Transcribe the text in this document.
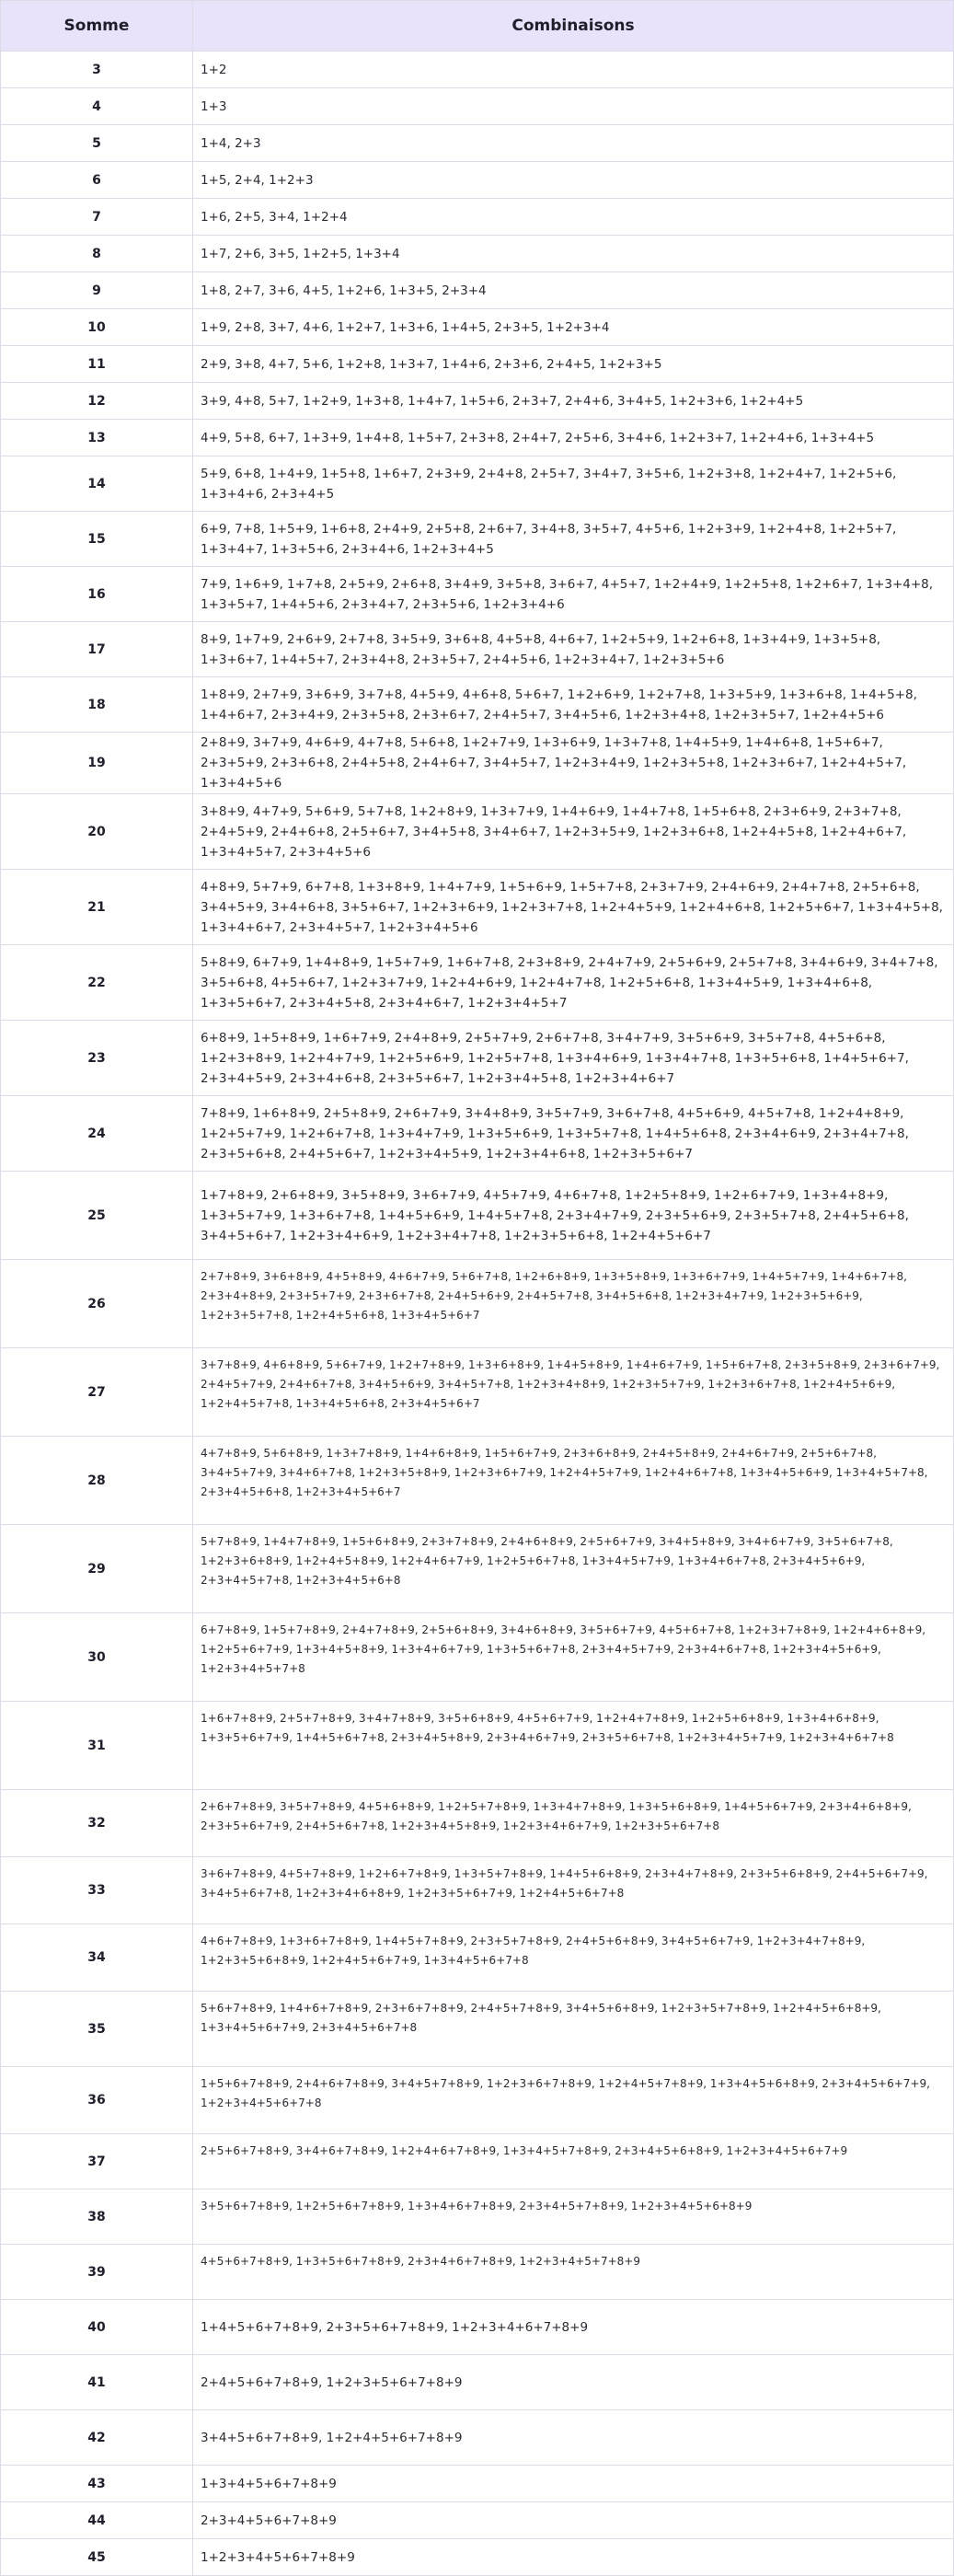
Somme	Combinaisons
3	1+2
4	1+3
5	1+4, 2+3
6	1+5, 2+4, 1+2+3
7	1+6, 2+5, 3+4, 1+2+4
8	1+7, 2+6, 3+5, 1+2+5, 1+3+4
9	1+8, 2+7, 3+6, 4+5, 1+2+6, 1+3+5, 2+3+4
10	1+9, 2+8, 3+7, 4+6, 1+2+7, 1+3+6, 1+4+5, 2+3+5, 1+2+3+4
11	2+9, 3+8, 4+7, 5+6, 1+2+8, 1+3+7, 1+4+6, 2+3+6, 2+4+5, 1+2+3+5
12	3+9, 4+8, 5+7, 1+2+9, 1+3+8, 1+4+7, 1+5+6, 2+3+7, 2+4+6, 3+4+5, 1+2+3+6, 1+2+4+5
13	4+9, 5+8, 6+7, 1+3+9, 1+4+8, 1+5+7, 2+3+8, 2+4+7, 2+5+6, 3+4+6, 1+2+3+7, 1+2+4+6, 1+3+4+5
14	5+9, 6+8, 1+4+9, 1+5+8, 1+6+7, 2+3+9, 2+4+8, 2+5+7, 3+4+7, 3+5+6, 1+2+3+8, 1+2+4+7, 1+2+5+6, 1+3+4+6, 2+3+4+5
15	6+9, 7+8, 1+5+9, 1+6+8, 2+4+9, 2+5+8, 2+6+7, 3+4+8, 3+5+7, 4+5+6, 1+2+3+9, 1+2+4+8, 1+2+5+7, 1+3+4+7, 1+3+5+6, 2+3+4+6, 1+2+3+4+5
16	7+9, 1+6+9, 1+7+8, 2+5+9, 2+6+8, 3+4+9, 3+5+8, 3+6+7, 4+5+7, 1+2+4+9, 1+2+5+8, 1+2+6+7, 1+3+4+8, 1+3+5+7, 1+4+5+6, 2+3+4+7, 2+3+5+6, 1+2+3+4+6
17	8+9, 1+7+9, 2+6+9, 2+7+8, 3+5+9, 3+6+8, 4+5+8, 4+6+7, 1+2+5+9, 1+2+6+8, 1+3+4+9, 1+3+5+8, 1+3+6+7, 1+4+5+7, 2+3+4+8, 2+3+5+7, 2+4+5+6, 1+2+3+4+7, 1+2+3+5+6
18	1+8+9, 2+7+9, 3+6+9, 3+7+8, 4+5+9, 4+6+8, 5+6+7, 1+2+6+9, 1+2+7+8, 1+3+5+9, 1+3+6+8, 1+4+5+8, 1+4+6+7, 2+3+4+9, 2+3+5+8, 2+3+6+7, 2+4+5+7, 3+4+5+6, 1+2+3+4+8, 1+2+3+5+7, 1+2+4+5+6
19	2+8+9, 3+7+9, 4+6+9, 4+7+8, 5+6+8, 1+2+7+9, 1+3+6+9, 1+3+7+8, 1+4+5+9, 1+4+6+8, 1+5+6+7, 2+3+5+9, 2+3+6+8, 2+4+5+8, 2+4+6+7, 3+4+5+7, 1+2+3+4+9, 1+2+3+5+8, 1+2+3+6+7, 1+2+4+5+7, 1+3+4+5+6
20	3+8+9, 4+7+9, 5+6+9, 5+7+8, 1+2+8+9, 1+3+7+9, 1+4+6+9, 1+4+7+8, 1+5+6+8, 2+3+6+9, 2+3+7+8, 2+4+5+9, 2+4+6+8, 2+5+6+7, 3+4+5+8, 3+4+6+7, 1+2+3+5+9, 1+2+3+6+8, 1+2+4+5+8, 1+2+4+6+7, 1+3+4+5+7, 2+3+4+5+6
21	4+8+9, 5+7+9, 6+7+8, 1+3+8+9, 1+4+7+9, 1+5+6+9, 1+5+7+8, 2+3+7+9, 2+4+6+9, 2+4+7+8, 2+5+6+8, 3+4+5+9, 3+4+6+8, 3+5+6+7, 1+2+3+6+9, 1+2+3+7+8, 1+2+4+5+9, 1+2+4+6+8, 1+2+5+6+7, 1+3+4+5+8, 1+3+4+6+7, 2+3+4+5+7, 1+2+3+4+5+6
22	5+8+9, 6+7+9, 1+4+8+9, 1+5+7+9, 1+6+7+8, 2+3+8+9, 2+4+7+9, 2+5+6+9, 2+5+7+8, 3+4+6+9, 3+4+7+8, 3+5+6+8, 4+5+6+7, 1+2+3+7+9, 1+2+4+6+9, 1+2+4+7+8, 1+2+5+6+8, 1+3+4+5+9, 1+3+4+6+8, 1+3+5+6+7, 2+3+4+5+8, 2+3+4+6+7, 1+2+3+4+5+7
23	6+8+9, 1+5+8+9, 1+6+7+9, 2+4+8+9, 2+5+7+9, 2+6+7+8, 3+4+7+9, 3+5+6+9, 3+5+7+8, 4+5+6+8, 1+2+3+8+9, 1+2+4+7+9, 1+2+5+6+9, 1+2+5+7+8, 1+3+4+6+9, 1+3+4+7+8, 1+3+5+6+8, 1+4+5+6+7, 2+3+4+5+9, 2+3+4+6+8, 2+3+5+6+7, 1+2+3+4+5+8, 1+2+3+4+6+7
24	7+8+9, 1+6+8+9, 2+5+8+9, 2+6+7+9, 3+4+8+9, 3+5+7+9, 3+6+7+8, 4+5+6+9, 4+5+7+8, 1+2+4+8+9, 1+2+5+7+9, 1+2+6+7+8, 1+3+4+7+9, 1+3+5+6+9, 1+3+5+7+8, 1+4+5+6+8, 2+3+4+6+9, 2+3+4+7+8, 2+3+5+6+8, 2+4+5+6+7, 1+2+3+4+5+9, 1+2+3+4+6+8, 1+2+3+5+6+7
25	1+7+8+9, 2+6+8+9, 3+5+8+9, 3+6+7+9, 4+5+7+9, 4+6+7+8, 1+2+5+8+9, 1+2+6+7+9, 1+3+4+8+9, 1+3+5+7+9, 1+3+6+7+8, 1+4+5+6+9, 1+4+5+7+8, 2+3+4+7+9, 2+3+5+6+9, 2+3+5+7+8, 2+4+5+6+8, 3+4+5+6+7, 1+2+3+4+6+9, 1+2+3+4+7+8, 1+2+3+5+6+8, 1+2+4+5+6+7
26	2+7+8+9, 3+6+8+9, 4+5+8+9, 4+6+7+9, 5+6+7+8, 1+2+6+8+9, 1+3+5+8+9, 1+3+6+7+9, 1+4+5+7+9, 1+4+6+7+8, 2+3+4+8+9, 2+3+5+7+9, 2+3+6+7+8, 2+4+5+6+9, 2+4+5+7+8, 3+4+5+6+8, 1+2+3+4+7+9, 1+2+3+5+6+9, 1+2+3+5+7+8, 1+2+4+5+6+8, 1+3+4+5+6+7
27	3+7+8+9, 4+6+8+9, 5+6+7+9, 1+2+7+8+9, 1+3+6+8+9, 1+4+5+8+9, 1+4+6+7+9, 1+5+6+7+8, 2+3+5+8+9, 2+3+6+7+9, 2+4+5+7+9, 2+4+6+7+8, 3+4+5+6+9, 3+4+5+7+8, 1+2+3+4+8+9, 1+2+3+5+7+9, 1+2+3+6+7+8, 1+2+4+5+6+9, 1+2+4+5+7+8, 1+3+4+5+6+8, 2+3+4+5+6+7
28	4+7+8+9, 5+6+8+9, 1+3+7+8+9, 1+4+6+8+9, 1+5+6+7+9, 2+3+6+8+9, 2+4+5+8+9, 2+4+6+7+9, 2+5+6+7+8, 3+4+5+7+9, 3+4+6+7+8, 1+2+3+5+8+9, 1+2+3+6+7+9, 1+2+4+5+7+9, 1+2+4+6+7+8, 1+3+4+5+6+9, 1+3+4+5+7+8, 2+3+4+5+6+8, 1+2+3+4+5+6+7
29	5+7+8+9, 1+4+7+8+9, 1+5+6+8+9, 2+3+7+8+9, 2+4+6+8+9, 2+5+6+7+9, 3+4+5+8+9, 3+4+6+7+9, 3+5+6+7+8, 1+2+3+6+8+9, 1+2+4+5+8+9, 1+2+4+6+7+9, 1+2+5+6+7+8, 1+3+4+5+7+9, 1+3+4+6+7+8, 2+3+4+5+6+9, 2+3+4+5+7+8, 1+2+3+4+5+6+8
30	6+7+8+9, 1+5+7+8+9, 2+4+7+8+9, 2+5+6+8+9, 3+4+6+8+9, 3+5+6+7+9, 4+5+6+7+8, 1+2+3+7+8+9, 1+2+4+6+8+9, 1+2+5+6+7+9, 1+3+4+5+8+9, 1+3+4+6+7+9, 1+3+5+6+7+8, 2+3+4+5+7+9, 2+3+4+6+7+8, 1+2+3+4+5+6+9, 1+2+3+4+5+7+8
31	1+6+7+8+9, 2+5+7+8+9, 3+4+7+8+9, 3+5+6+8+9, 4+5+6+7+9, 1+2+4+7+8+9, 1+2+5+6+8+9, 1+3+4+6+8+9, 1+3+5+6+7+9, 1+4+5+6+7+8, 2+3+4+5+8+9, 2+3+4+6+7+9, 2+3+5+6+7+8, 1+2+3+4+5+7+9, 1+2+3+4+6+7+8
32	2+6+7+8+9, 3+5+7+8+9, 4+5+6+8+9, 1+2+5+7+8+9, 1+3+4+7+8+9, 1+3+5+6+8+9, 1+4+5+6+7+9, 2+3+4+6+8+9, 2+3+5+6+7+9, 2+4+5+6+7+8, 1+2+3+4+5+8+9, 1+2+3+4+6+7+9, 1+2+3+5+6+7+8
33	3+6+7+8+9, 4+5+7+8+9, 1+2+6+7+8+9, 1+3+5+7+8+9, 1+4+5+6+8+9, 2+3+4+7+8+9, 2+3+5+6+8+9, 2+4+5+6+7+9, 3+4+5+6+7+8, 1+2+3+4+6+8+9, 1+2+3+5+6+7+9, 1+2+4+5+6+7+8
34	4+6+7+8+9, 1+3+6+7+8+9, 1+4+5+7+8+9, 2+3+5+7+8+9, 2+4+5+6+8+9, 3+4+5+6+7+9, 1+2+3+4+7+8+9, 1+2+3+5+6+8+9, 1+2+4+5+6+7+9, 1+3+4+5+6+7+8
35	5+6+7+8+9, 1+4+6+7+8+9, 2+3+6+7+8+9, 2+4+5+7+8+9, 3+4+5+6+8+9, 1+2+3+5+7+8+9, 1+2+4+5+6+8+9, 1+3+4+5+6+7+9, 2+3+4+5+6+7+8
36	1+5+6+7+8+9, 2+4+6+7+8+9, 3+4+5+7+8+9, 1+2+3+6+7+8+9, 1+2+4+5+7+8+9, 1+3+4+5+6+8+9, 2+3+4+5+6+7+9, 1+2+3+4+5+6+7+8
37	2+5+6+7+8+9, 3+4+6+7+8+9, 1+2+4+6+7+8+9, 1+3+4+5+7+8+9, 2+3+4+5+6+8+9, 1+2+3+4+5+6+7+9
38	3+5+6+7+8+9, 1+2+5+6+7+8+9, 1+3+4+6+7+8+9, 2+3+4+5+7+8+9, 1+2+3+4+5+6+8+9
39	4+5+6+7+8+9, 1+3+5+6+7+8+9, 2+3+4+6+7+8+9, 1+2+3+4+5+7+8+9
40	1+4+5+6+7+8+9, 2+3+5+6+7+8+9, 1+2+3+4+6+7+8+9
41	2+4+5+6+7+8+9, 1+2+3+5+6+7+8+9
42	3+4+5+6+7+8+9, 1+2+4+5+6+7+8+9
43	1+3+4+5+6+7+8+9
44	2+3+4+5+6+7+8+9
45	1+2+3+4+5+6+7+8+9
